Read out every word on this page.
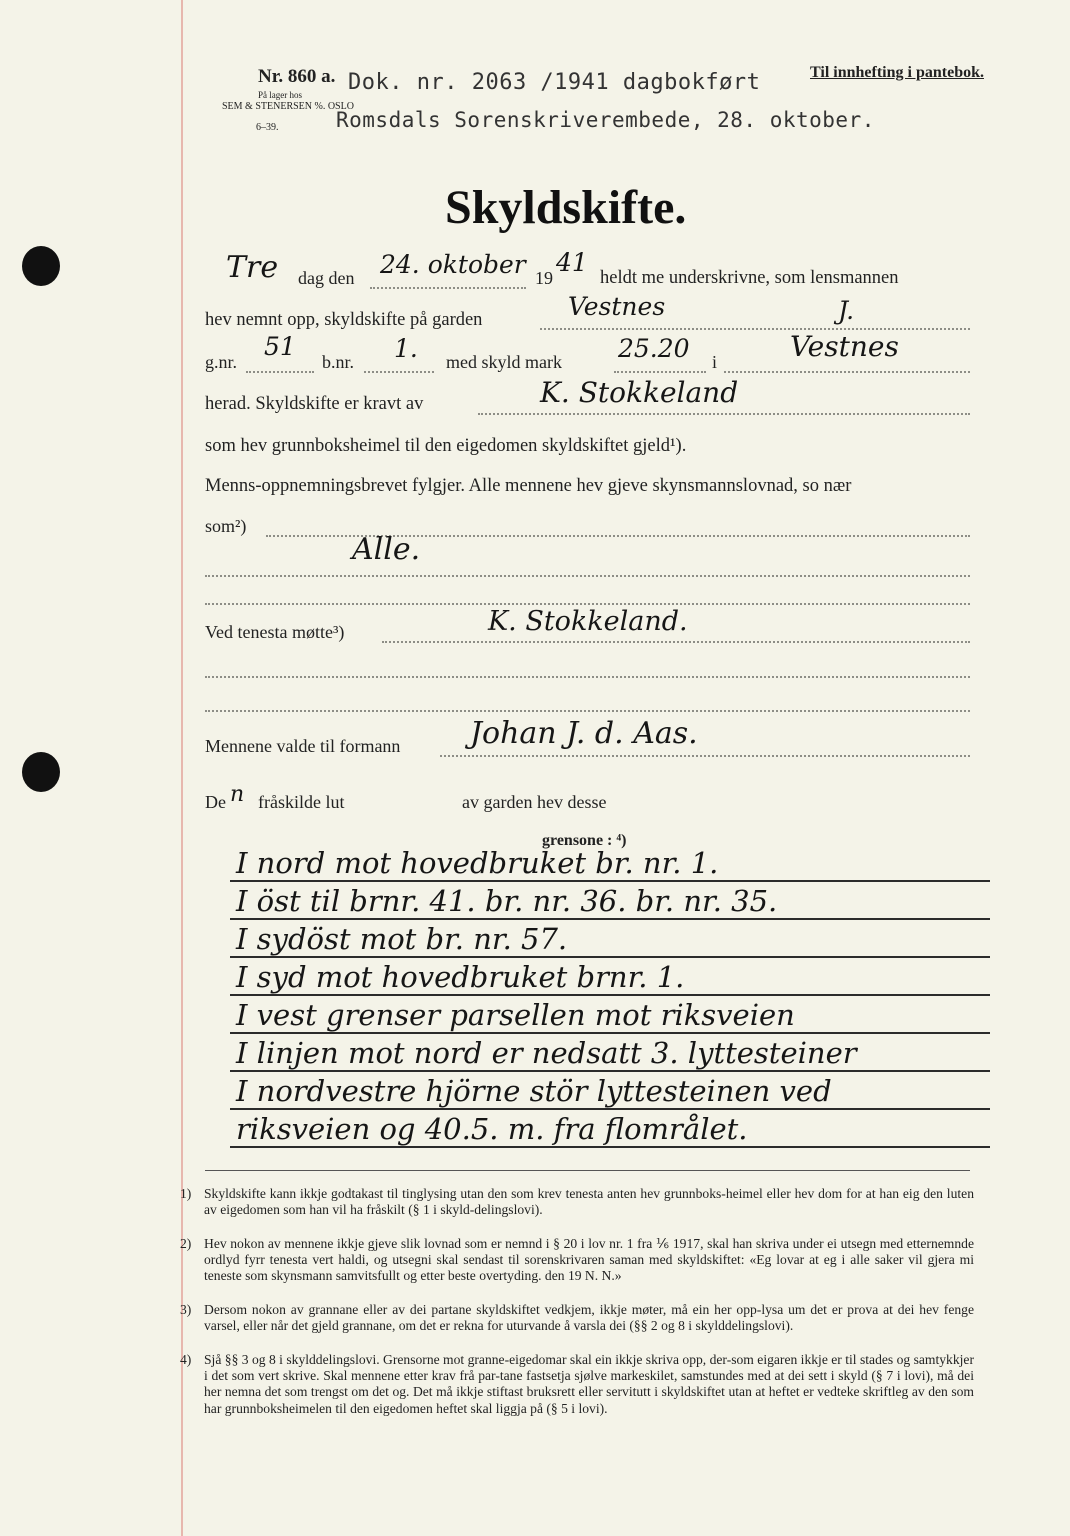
Nr. 860 a.
På lager hos
SEM & STENERSEN %. OSLO
6–39.
Dok. nr. 2063 /1941 dagbokført
Romsdals Sorenskriverembede, 28. oktober.
Til innhefting i pantebok.
Skyldskifte.
Tre dag den 24. oktober 19
41
heldt me underskrivne, som lensmannen
hev nemnt opp, skyldskifte på garden	Vestnes	J.
g.nr.
51
b.nr. 1. med skyld mark 25.20 i	Vestnes
herad. Skyldskifte er kravt av	K. Stokkeland
som hev grunnboksheimel til den eigedomen skyldskiftet gjeld¹).
Menns-oppnemningsbrevet fylgjer. Alle mennene hev gjeve skynsmannslovnad, so nær
som²)
Alle.
Ved tenesta møtte³)	K. Stokkeland.
Mennene valde til formann Johan J. d. Aas.
De n fråskilde lut	av garden hev desse
grensone : ⁴)
I nord mot hovedbruket br. nr. 1.
I öst til brnr. 41. br. nr. 36. br. nr. 35.
I sydöst mot br. nr. 57.
I syd mot hovedbruket brnr. 1.
I vest grenser parsellen mot riksveien
I linjen mot nord er nedsatt 3. lyttesteiner
I nordvestre hjörne stör lyttesteinen ved
riksveien og 40.5. m. fra flområlet.
1) Skyldskifte kann ikkje godtakast til tinglysing utan den som krev tenesta anten hev grunnboks-heimel eller hev dom for at han eig den luten av eigedomen som han vil ha fråskilt (§ 1 i skyld-delingslovi).
2) Hev nokon av mennene ikkje gjeve slik lovnad som er nemnd i § 20 i lov nr. 1 fra ⅙ 1917, skal han skriva under ei utsegn med etternemnde ordlyd fyrr tenesta vert haldi, og utsegni skal sendast til sorenskrivaren saman med skyldskiftet: «Eg lovar at eg i alle saker vil gjera mi teneste som skynsmann samvitsfullt og etter beste overtyding. den 19 N. N.»
3) Dersom nokon av grannane eller av dei partane skyldskiftet vedkjem, ikkje møter, må ein her opp-lysa um det er prova at dei hev fenge varsel, eller når det gjeld grannane, om det er rekna for uturvande å varsla dei (§§ 2 og 8 i skylddelingslovi).
4) Sjå §§ 3 og 8 i skylddelingslovi. Grensorne mot granne-eigedomar skal ein ikkje skriva opp, der-som eigaren ikkje er til stades og samtykkjer i det som vert skrive. Skal mennene etter krav frå par-tane fastsetja sjølve markeskilet, samstundes med at dei sett i skyld (§ 7 i lovi), må dei her nemna det som trengst om det og. Det må ikkje stiftast bruksrett eller servitutt i skyldskiftet utan at heftet er vedteke skriftleg av den som har grunnboksheimelen til den eigedomen heftet skal liggja på (§ 5 i lovi).
